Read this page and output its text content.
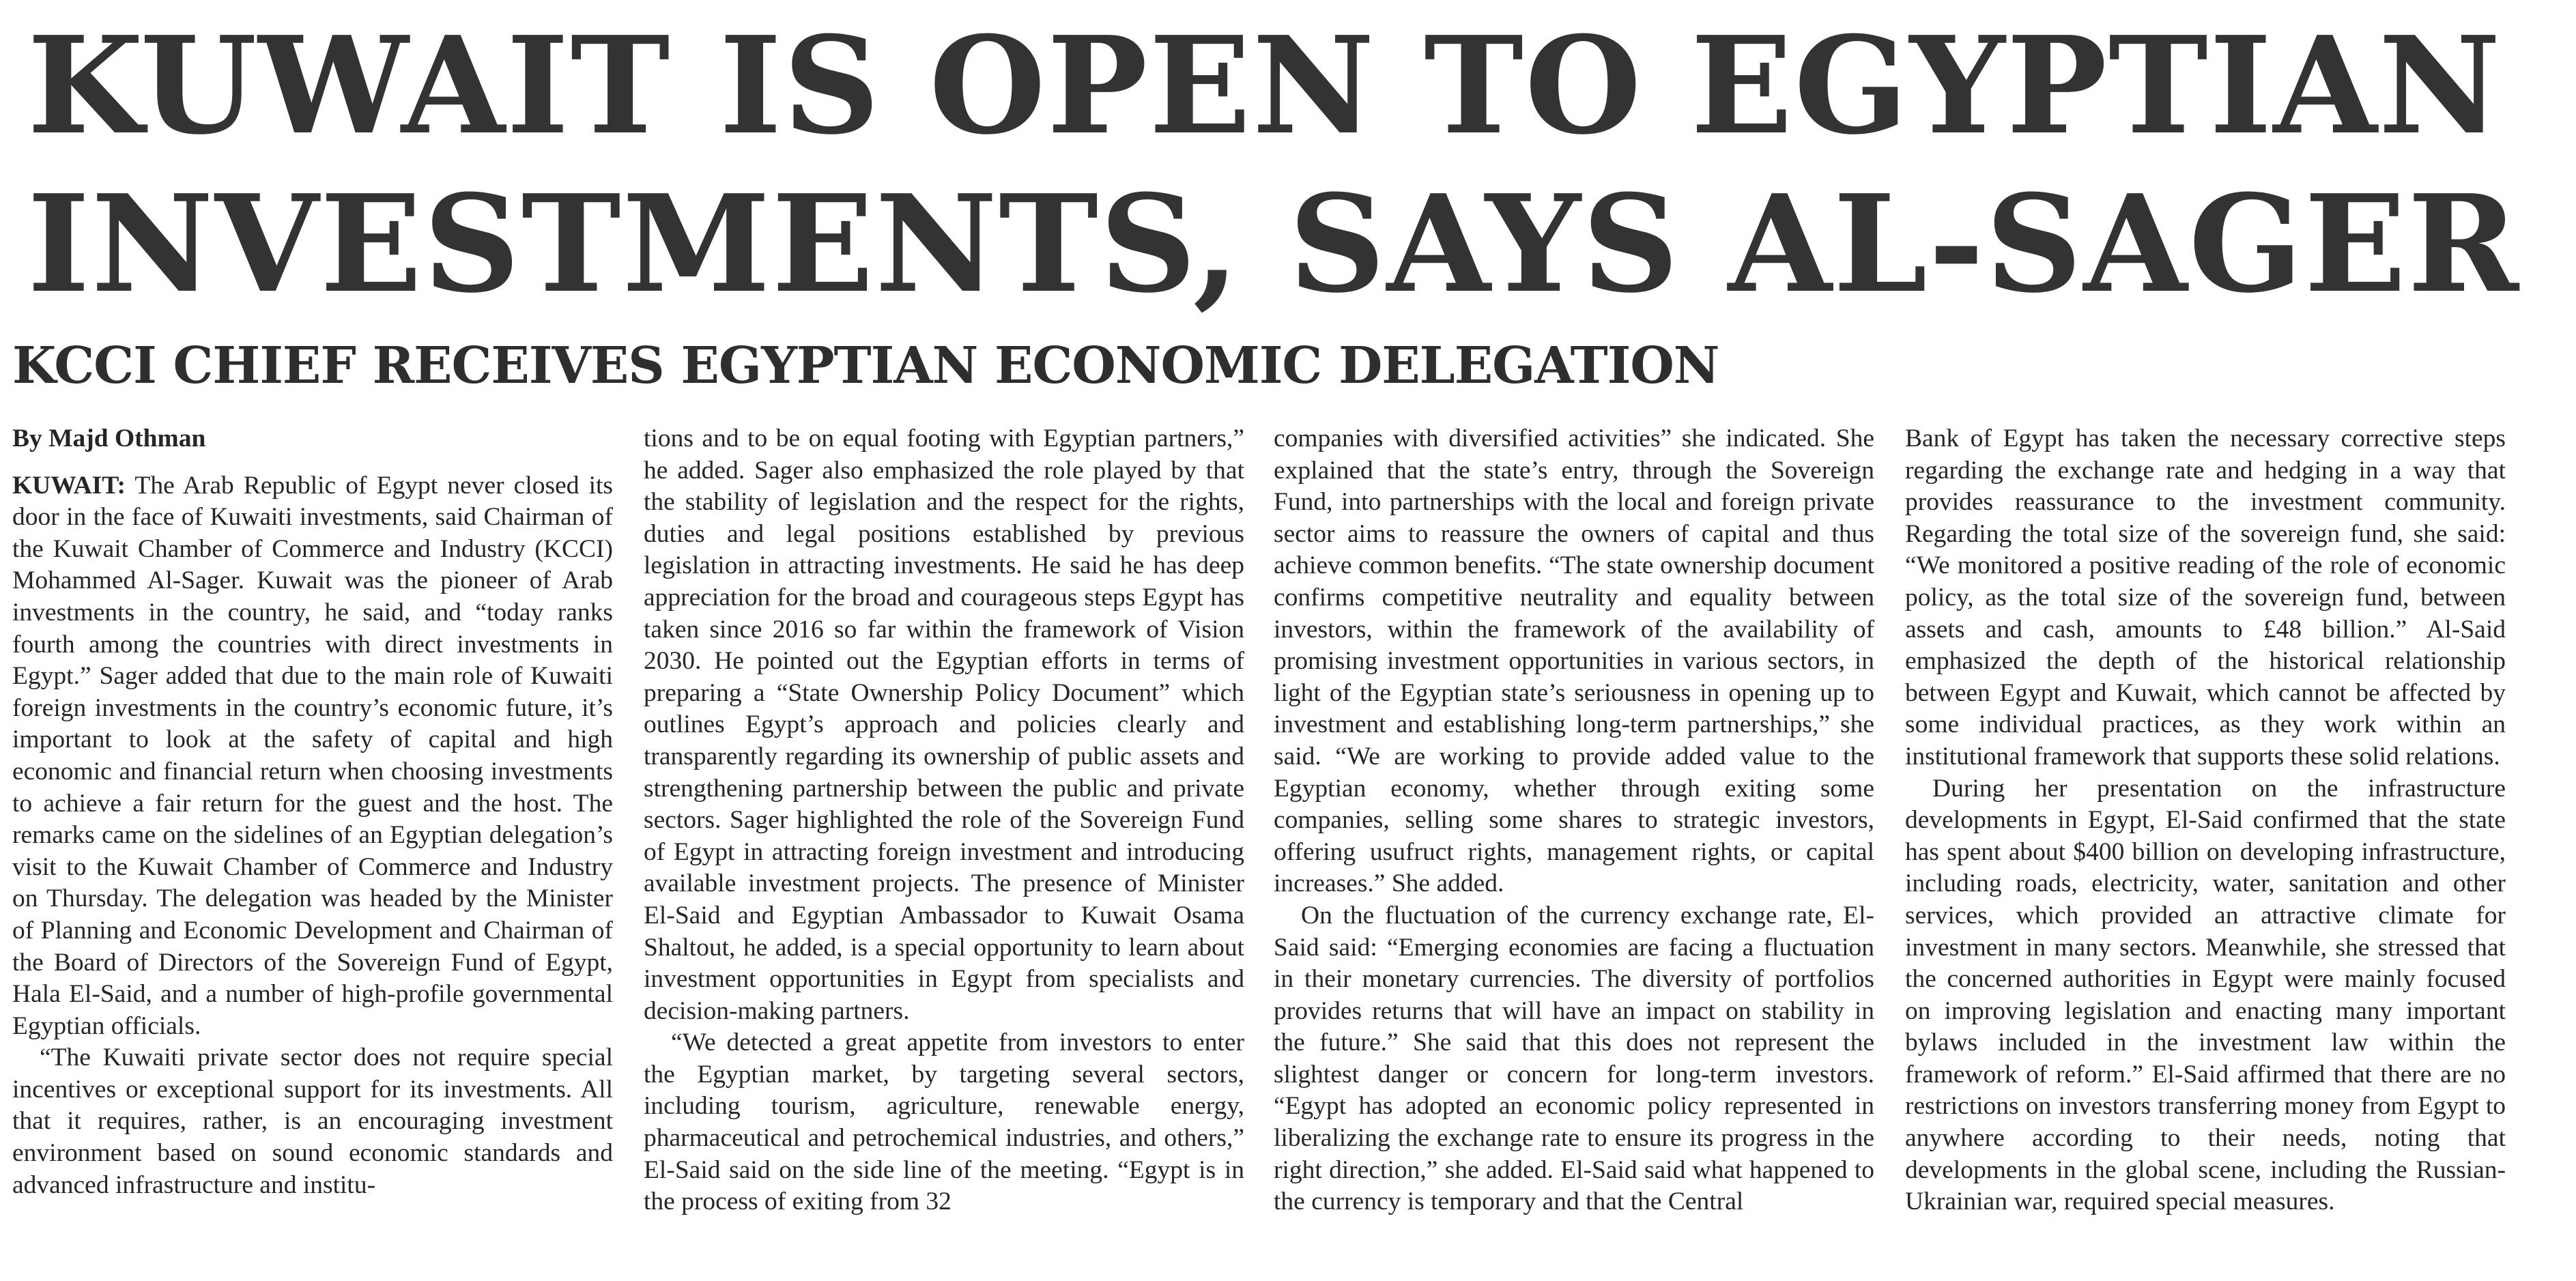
KUWAIT IS OPEN TO EGYPTIAN
INVESTMENTS, SAYS AL-SAGER
KCCI CHIEF RECEIVES EGYPTIAN ECONOMIC DELEGATION

By Majd Othman

KUWAIT: The Arab Republic of Egypt never closed its door in the face of Kuwaiti investments, said Chairman of the Kuwait Chamber of Commerce and Industry (KCCI) Mohammed Al-Sager. Kuwait was the pioneer of Arab investments in the country, he said, and “today ranks fourth among the countries with direct investments in Egypt.” Sager added that due to the main role of Kuwaiti foreign investments in the country’s economic future, it’s important to look at the safety of capital and high economic and financial return when choosing investments to achieve a fair return for the guest and the host. The remarks came on the sidelines of an Egyptian delegation’s visit to the Kuwait Chamber of Commerce and Industry on Thursday. The delegation was headed by the Minister of Planning and Economic Development and Chairman of the Board of Directors of the Sovereign Fund of Egypt, Hala El-Said, and a number of high-profile governmental Egyptian officials.

“The Kuwaiti private sector does not require special incentives or exceptional support for its investments. All that it requires, rather, is an encouraging investment environment based on sound economic standards and advanced infrastructure and institu-

tions and to be on equal footing with Egyptian partners,” he added. Sager also emphasized the role played by that the stability of legislation and the respect for the rights, duties and legal positions established by previous legislation in attracting investments. He said he has deep appreciation for the broad and courageous steps Egypt has taken since 2016 so far within the framework of Vision 2030. He pointed out the Egyptian efforts in terms of preparing a “State Ownership Policy Document” which outlines Egypt’s approach and policies clearly and transparently regarding its ownership of public assets and strengthening partnership between the public and private sectors. Sager highlighted the role of the Sovereign Fund of Egypt in attracting foreign investment and introducing available investment projects. The presence of Minister El-Said and Egyptian Ambassador to Kuwait Osama Shaltout, he added, is a special opportunity to learn about investment opportunities in Egypt from specialists and decision-making partners.

“We detected a great appetite from investors to enter the Egyptian market, by targeting several sectors, including tourism, agriculture, renewable energy, pharmaceutical and petrochemical industries, and others,” El-Said said on the side line of the meeting. “Egypt is in the process of exiting from 32

companies with diversified activities” she indicated. She explained that the state’s entry, through the Sovereign Fund, into partnerships with the local and foreign private sector aims to reassure the owners of capital and thus achieve common benefits. “The state ownership document confirms competitive neutrality and equality between investors, within the framework of the availability of promising investment opportunities in various sectors, in light of the Egyptian state’s seriousness in opening up to investment and establishing long-term partnerships,” she said. “We are working to provide added value to the Egyptian economy, whether through exiting some companies, selling some shares to strategic investors, offering usufruct rights, management rights, or capital increases.” She added.

On the fluctuation of the currency exchange rate, El-Said said: “Emerging economies are facing a fluctuation in their monetary currencies. The diversity of portfolios provides returns that will have an impact on stability in the future.” She said that this does not represent the slightest danger or concern for long-term investors. “Egypt has adopted an economic policy represented in liberalizing the exchange rate to ensure its progress in the right direction,” she added. El-Said said what happened to the currency is temporary and that the Central

Bank of Egypt has taken the necessary corrective steps regarding the exchange rate and hedging in a way that provides reassurance to the investment community. Regarding the total size of the sovereign fund, she said: “We monitored a positive reading of the role of economic policy, as the total size of the sovereign fund, between assets and cash, amounts to £48 billion.” Al-Said emphasized the depth of the historical relationship between Egypt and Kuwait, which cannot be affected by some individual practices, as they work within an institutional framework that supports these solid relations.

During her presentation on the infrastructure developments in Egypt, El-Said confirmed that the state has spent about $400 billion on developing infrastructure, including roads, electricity, water, sanitation and other services, which provided an attractive climate for investment in many sectors. Meanwhile, she stressed that the concerned authorities in Egypt were mainly focused on improving legislation and enacting many important bylaws included in the investment law within the framework of reform.” El-Said affirmed that there are no restrictions on investors transferring money from Egypt to anywhere according to their needs, noting that developments in the global scene, including the Russian-Ukrainian war, required special measures.
